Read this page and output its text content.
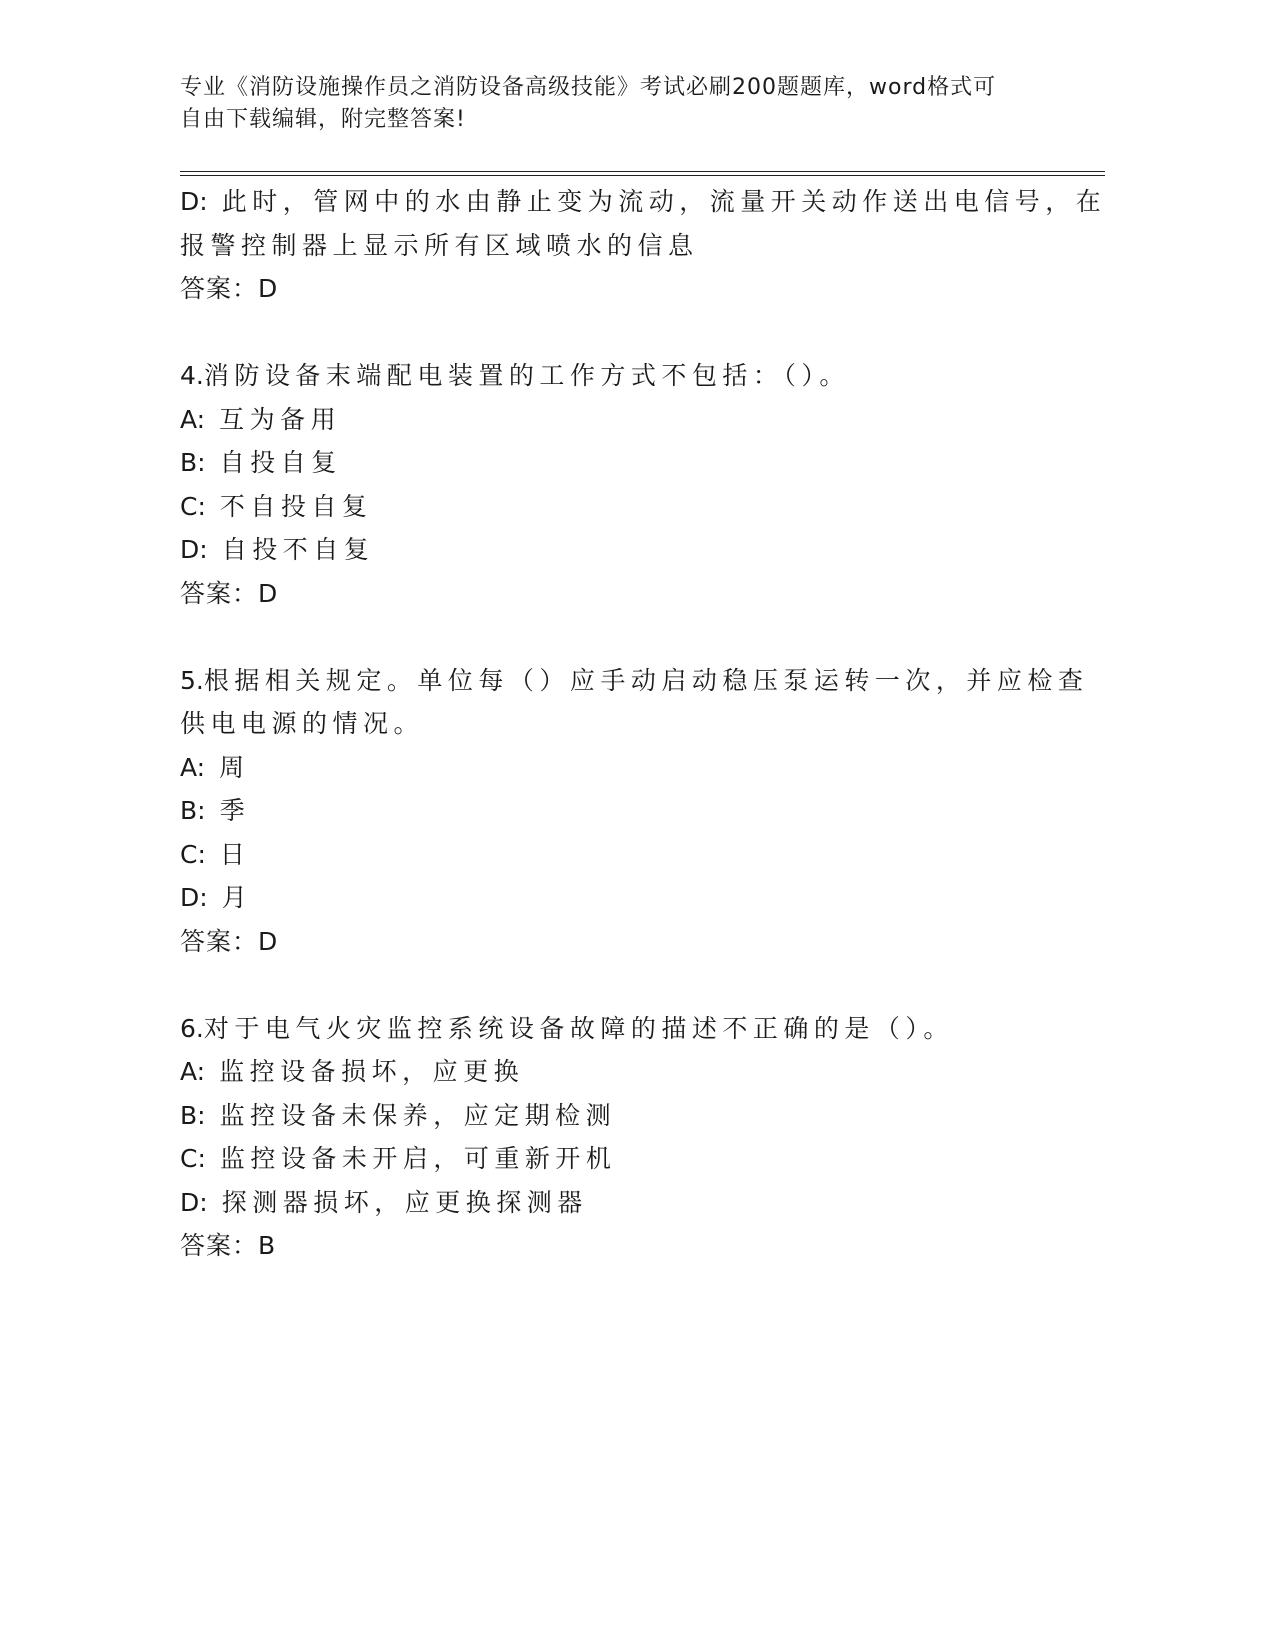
专业《消防设施操作员之消防设备高级技能》考试必刷200题题库，word格式可
自由下载编辑，附完整答案!
D: 此时，管网中的水由静止变为流动，流量开关动作送出电信号，在
报警控制器上显示所有区域喷水的信息
答案：D
4.消防设备末端配电装置的工作方式不包括：（）。
A: 互为备用
B: 自投自复
C: 不自投自复
D: 自投不自复
答案：D
5.根据相关规定。单位每（）应手动启动稳压泵运转一次，并应检查
供电电源的情况。
A: 周
B: 季
C: 日
D: 月
答案：D
6.对于电气火灾监控系统设备故障的描述不正确的是（）。
A: 监控设备损坏，应更换
B: 监控设备未保养，应定期检测
C: 监控设备未开启，可重新开机
D: 探测器损坏，应更换探测器
答案：B
